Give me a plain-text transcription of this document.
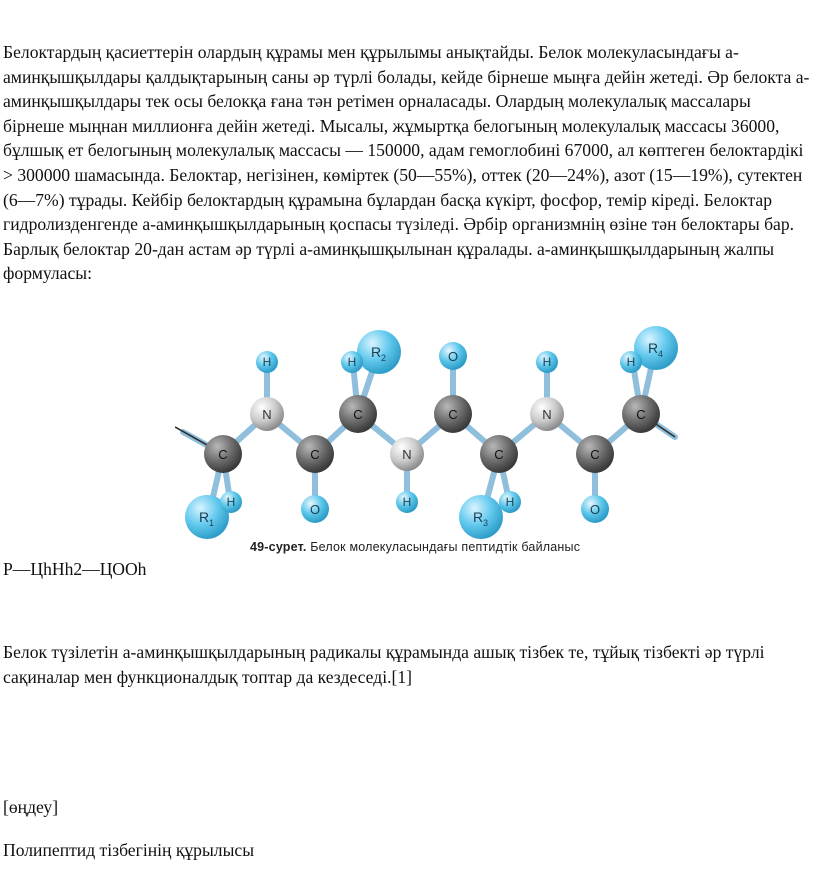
Белоктардың қасиеттерін олардың құрамы мен құрылымы анықтайды. Белок молекуласындағы а-аминқышқылдары қалдықтарының саны әр түрлі болады, кейде бірнеше мыңға дейін жетеді. Әр белокта а-аминқышқылдары тек осы белокқа ғана тән ретімен орналасады. Олардың молекулалық массалары бірнеше мыңнан миллионға дейін жетеді. Мысалы, жұмыртқа белогының молекулалық массасы 36000, бұлшық ет белогының молекулалық массасы — 150000, адам гемоглобині 67000, ал көптеген белоктардікі > 300000 шамасында. Белоктар, негізінен, көміртек (50—55%), оттек (20—24%), азот (15—19%), сутектен (6—7%) тұрады. Кейбір белоктардың құрамына бұлардан басқа күкірт, фосфор, темір кіреді. Белоктар гидролизденгенде а-аминқышқылдарының қоспасы түзіледі. Әрбір организмнің өзіне тән белоктары бар. Барлық белоктар 20-дан астам әр түрлі а-аминқышқылынан құралады. а-аминқышқылдарының жалпы формуласы:

R 1
R 2
R 3
R 4
H
H	H
H	H
H	H
O
O
O
N
N
N
C	C
C	C
C	C
C
49-сурет. Белок молекуласындағы пептидтік байланыс

Р—ЦһНһ2—ЦООһ

Белок түзілетін а-аминқышқылдарының радикалы құрамында ашық тізбек те, тұйық тізбекті әр түрлі сақиналар мен функционалдық топтар да кездеседі.[1]

[өңдеу]

Полипептид тізбегінің құрылысы
